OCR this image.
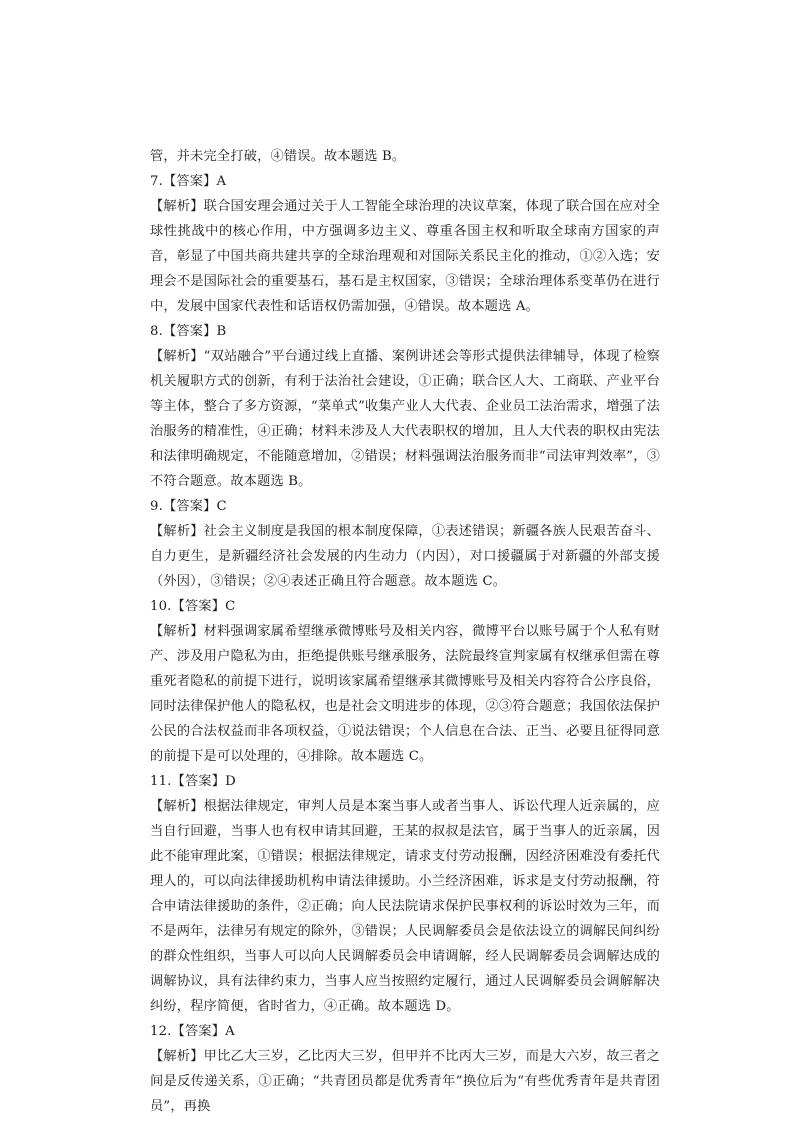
管，并未完全打破，④错误。故本题选 B。

7.【答案】A

【解析】联合国安理会通过关于人工智能全球治理的决议草案，体现了联合国在应对全球性挑战中的核心作用，中方强调多边主义、尊重各国主权和听取全球南方国家的声音，彰显了中国共商共建共享的全球治理观和对国际关系民主化的推动，①②入选；安理会不是国际社会的重要基石，基石是主权国家，③错误；全球治理体系变革仍在进行中，发展中国家代表性和话语权仍需加强，④错误。故本题选 A。

8.【答案】B

【解析】“双站融合”平台通过线上直播、案例讲述会等形式提供法律辅导，体现了检察机关履职方式的创新，有利于法治社会建设，①正确；联合区人大、工商联、产业平台等主体，整合了多方资源，“菜单式”收集产业人大代表、企业员工法治需求，增强了法治服务的精准性，④正确；材料未涉及人大代表职权的增加，且人大代表的职权由宪法和法律明确规定，不能随意增加，②错误；材料强调法治服务而非“司法审判效率”，③不符合题意。故本题选 B。

9.【答案】C

【解析】社会主义制度是我国的根本制度保障，①表述错误；新疆各族人民艰苦奋斗、自力更生，是新疆经济社会发展的内生动力（内因），对口援疆属于对新疆的外部支援（外因），③错误；②④表述正确且符合题意。故本题选 C。

10.【答案】C

【解析】材料强调家属希望继承微博账号及相关内容，微博平台以账号属于个人私有财产、涉及用户隐私为由，拒绝提供账号继承服务，法院最终宣判家属有权继承但需在尊重死者隐私的前提下进行，说明该家属希望继承其微博账号及相关内容符合公序良俗，同时法律保护他人的隐私权，也是社会文明进步的体现，②③符合题意；我国依法保护公民的合法权益而非各项权益，①说法错误；个人信息在合法、正当、必要且征得同意的前提下是可以处理的，④排除。故本题选 C。

11.【答案】D

【解析】根据法律规定，审判人员是本案当事人或者当事人、诉讼代理人近亲属的，应当自行回避，当事人也有权申请其回避，王某的叔叔是法官，属于当事人的近亲属，因此不能审理此案，①错误；根据法律规定，请求支付劳动报酬，因经济困难没有委托代理人的，可以向法律援助机构申请法律援助。小兰经济困难，诉求是支付劳动报酬，符合申请法律援助的条件，②正确；向人民法院请求保护民事权利的诉讼时效为三年，而不是两年，法律另有规定的除外，③错误；人民调解委员会是依法设立的调解民间纠纷的群众性组织，当事人可以向人民调解委员会申请调解，经人民调解委员会调解达成的调解协议，具有法律约束力，当事人应当按照约定履行，通过人民调解委员会调解解决纠纷，程序简便，省时省力，④正确。故本题选 D。

12.【答案】A

【解析】甲比乙大三岁，乙比丙大三岁，但甲并不比丙大三岁，而是大六岁，故三者之间是反传递关系，①正确；“共青团员都是优秀青年”换位后为“有些优秀青年是共青团员”，再换
